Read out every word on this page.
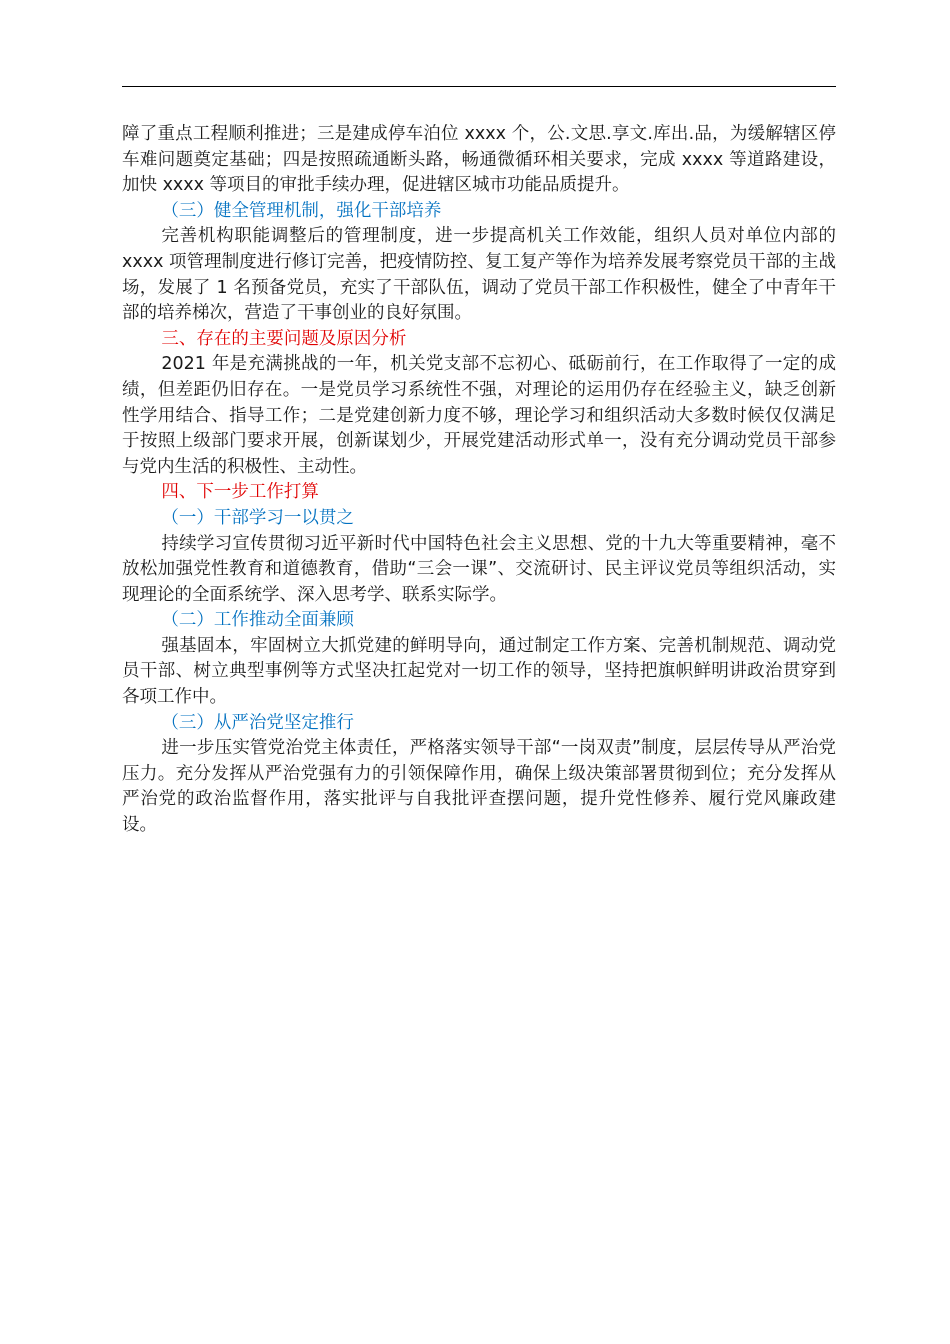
障了重点工程顺利推进；三是建成停车泊位 xxxx 个，公.文思.享文.库出.品，为缓解辖区停车难问题奠定基础；四是按照疏通断头路，畅通微循环相关要求，完成 xxxx 等道路建设，加快 xxxx 等项目的审批手续办理，促进辖区城市功能品质提升。

（三）健全管理机制，强化干部培养

完善机构职能调整后的管理制度，进一步提高机关工作效能，组织人员对单位内部的 xxxx 项管理制度进行修订完善，把疫情防控、复工复产等作为培养发展考察党员干部的主战场，发展了 1 名预备党员，充实了干部队伍，调动了党员干部工作积极性，健全了中青年干部的培养梯次，营造了干事创业的良好氛围。

三、存在的主要问题及原因分析

2021 年是充满挑战的一年，机关党支部不忘初心、砥砺前行，在工作取得了一定的成绩，但差距仍旧存在。一是党员学习系统性不强，对理论的运用仍存在经验主义，缺乏创新性学用结合、指导工作；二是党建创新力度不够，理论学习和组织活动大多数时候仅仅满足于按照上级部门要求开展，创新谋划少，开展党建活动形式单一，没有充分调动党员干部参与党内生活的积极性、主动性。

四、下一步工作打算

（一）干部学习一以贯之

持续学习宣传贯彻习近平新时代中国特色社会主义思想、党的十九大等重要精神，毫不放松加强党性教育和道德教育，借助“三会一课”、交流研讨、民主评议党员等组织活动，实现理论的全面系统学、深入思考学、联系实际学。

（二）工作推动全面兼顾

强基固本，牢固树立大抓党建的鲜明导向，通过制定工作方案、完善机制规范、调动党员干部、树立典型事例等方式坚决扛起党对一切工作的领导，坚持把旗帜鲜明讲政治贯穿到各项工作中。

（三）从严治党坚定推行

进一步压实管党治党主体责任，严格落实领导干部“一岗双责”制度，层层传导从严治党压力。充分发挥从严治党强有力的引领保障作用，确保上级决策部署贯彻到位；充分发挥从严治党的政治监督作用，落实批评与自我批评查摆问题，提升党性修养、履行党风廉政建设。
